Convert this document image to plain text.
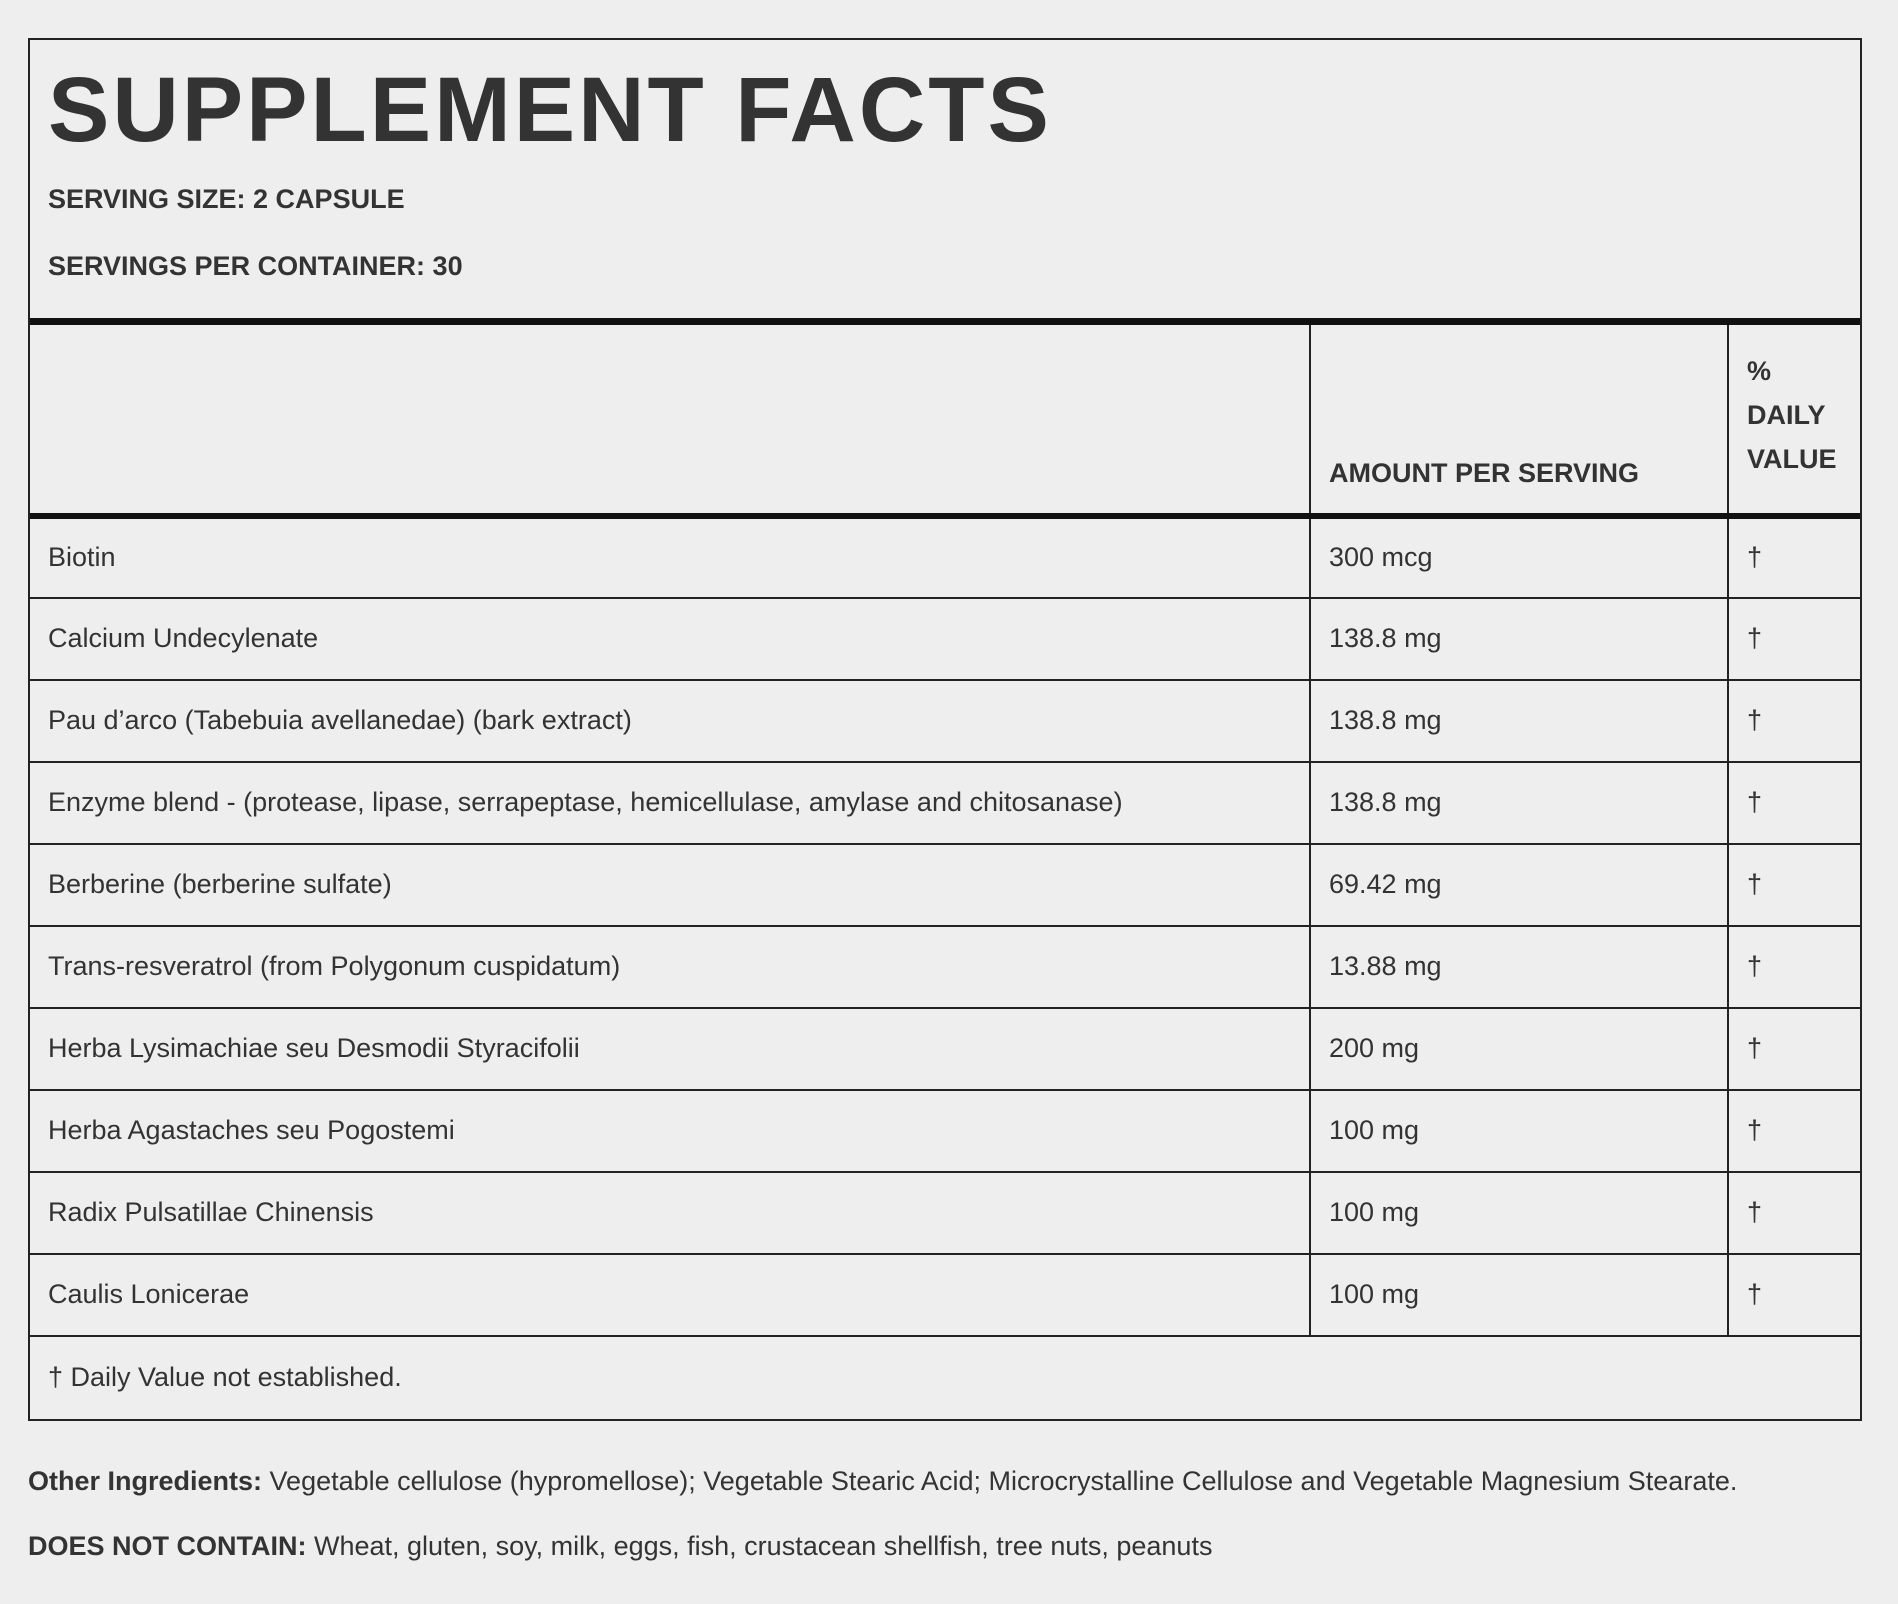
SUPPLEMENT FACTS

SERVING SIZE: 2 CAPSULE

SERVINGS PER CONTAINER: 30

	AMOUNT PER SERVING	%
DAILY
VALUE

Biotin	300 mcg	†
Calcium Undecylenate	138.8 mg	†
Pau d’arco (Tabebuia avellanedae) (bark extract)	138.8 mg	†
Enzyme blend - (protease, lipase, serrapeptase, hemicellulase, amylase and chitosanase)	138.8 mg	†
Berberine (berberine sulfate)	69.42 mg	†
Trans-resveratrol (from Polygonum cuspidatum)	13.88 mg	†
Herba Lysimachiae seu Desmodii Styracifolii	200 mg	†
Herba Agastaches seu Pogostemi	100 mg	†
Radix Pulsatillae Chinensis	100 mg	†
Caulis Lonicerae	100 mg	†
† Daily Value not established.		

Other Ingredients: Vegetable cellulose (hypromellose); Vegetable Stearic Acid; Microcrystalline Cellulose and Vegetable Magnesium Stearate.

DOES NOT CONTAIN: Wheat, gluten, soy, milk, eggs, fish, crustacean shellfish, tree nuts, peanuts
